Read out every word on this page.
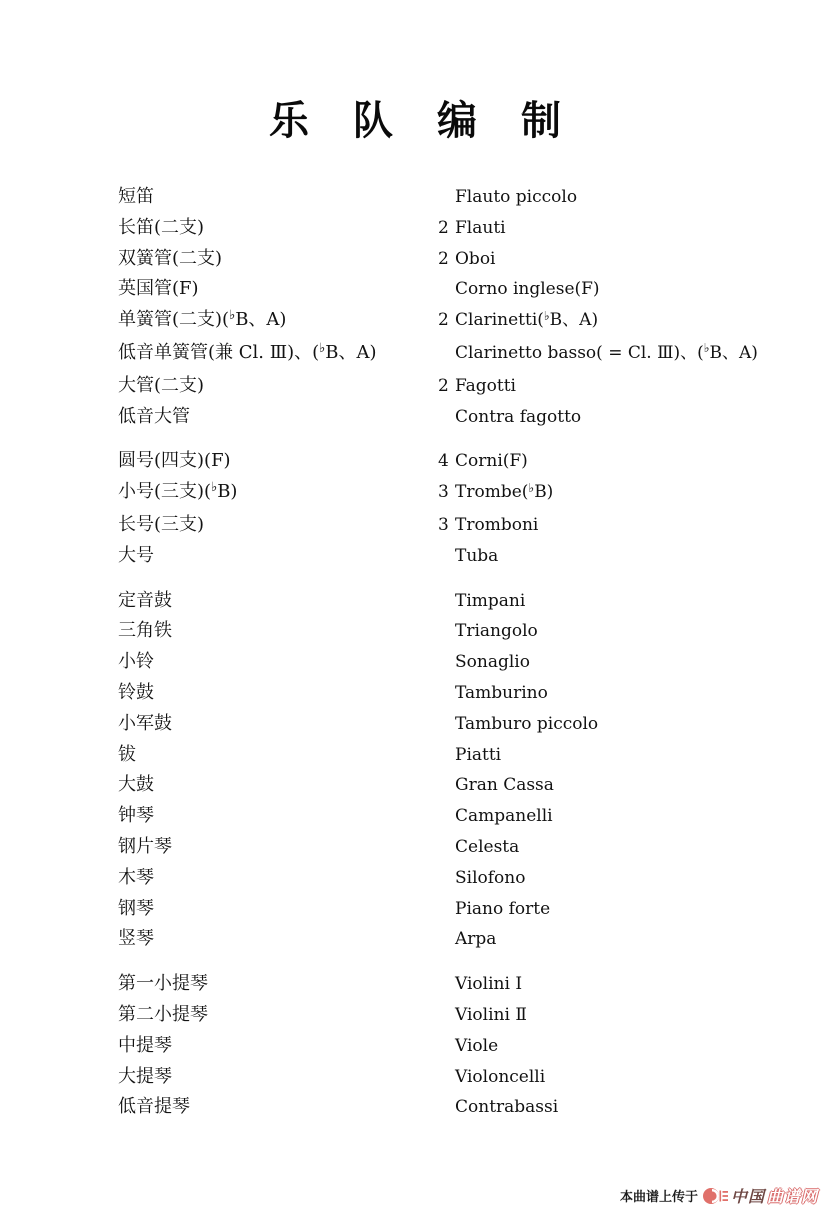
乐队编制
短笛	Flauto piccolo
长笛(二支)	2 Flauti
双簧管(二支)	2 Oboi
英国管(F)	Corno inglese(F)
单簧管(二支)(♭B、A)	2 Clarinetti(♭B、A)
低音单簧管(兼 Cl. Ⅲ)、(♭B、A)	Clarinetto basso( = Cl. Ⅲ)、(♭B、A)
大管(二支)	2 Fagotti
低音大管	Contra fagotto
圆号(四支)(F)	4 Corni(F)
小号(三支)(♭B)	3 Trombe(♭B)
长号(三支)	3 Tromboni
大号	Tuba
定音鼓	Timpani
三角铁	Triangolo
小铃	Sonaglio
铃鼓	Tamburino
小军鼓	Tamburo piccolo
钹	Piatti
大鼓	Gran Cassa
钟琴	Campanelli
钢片琴	Celesta
木琴	Silofono
钢琴	Piano forte
竖琴	Arpa
第一小提琴	Violini Ⅰ
第二小提琴	Violini Ⅱ
中提琴	Viole
大提琴	Violoncelli
低音提琴	Contrabassi
本曲谱上传于 中国 曲谱网
